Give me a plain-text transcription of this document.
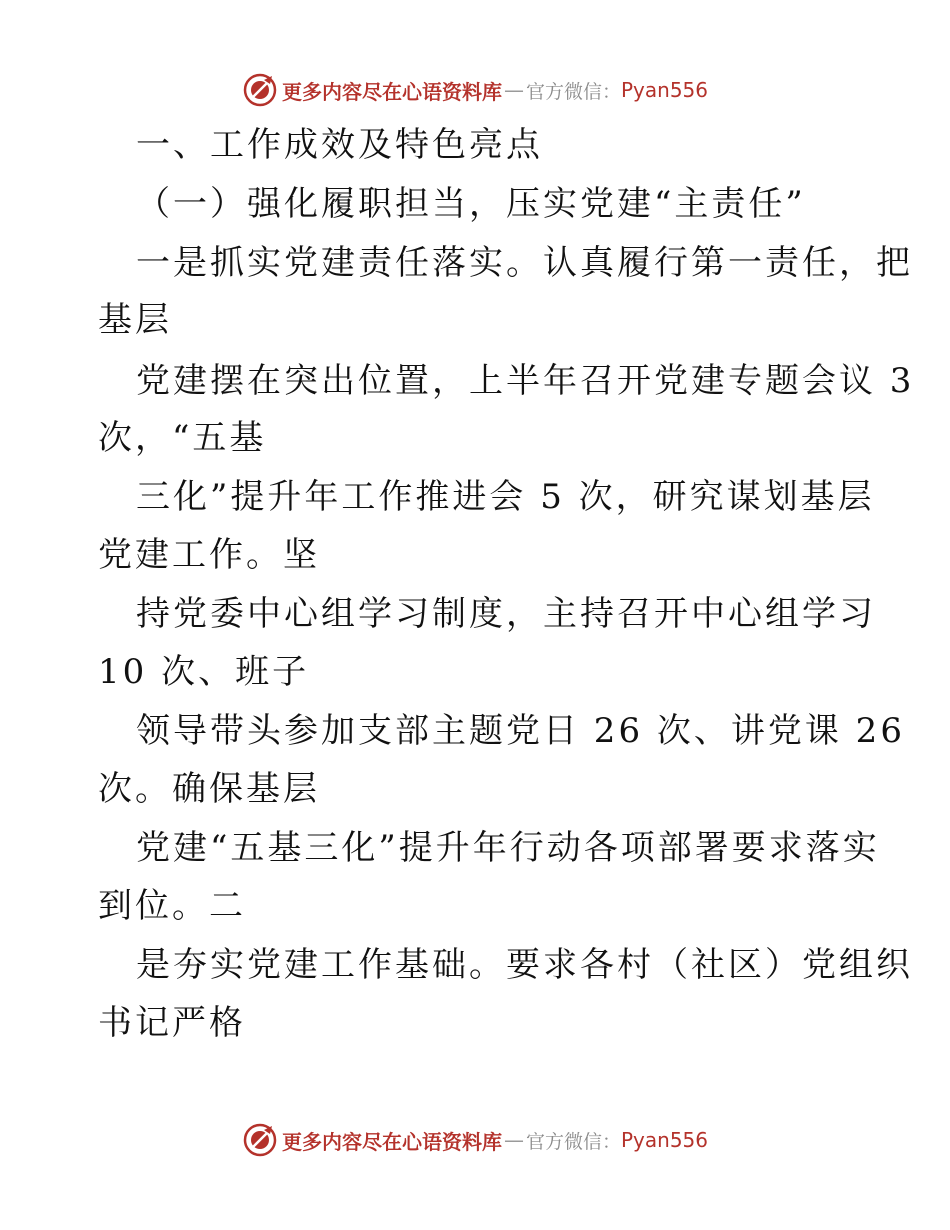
更多内容尽在心语资料库 — 官方微信： Pyan556
一、工作成效及特色亮点
（一）强化履职担当，压实党建“主责任”
一是抓实党建责任落实。认真履行第一责任，把
基层
党建摆在突出位置，上半年召开党建专题会议 3
次，“五基
三化”提升年工作推进会 5 次，研究谋划基层
党建工作。坚
持党委中心组学习制度，主持召开中心组学习
10 次、班子
领导带头参加支部主题党日 26 次、讲党课 26
次。确保基层
党建“五基三化”提升年行动各项部署要求落实
到位。二
是夯实党建工作基础。要求各村（社区）党组织
书记严格
更多内容尽在心语资料库 — 官方微信： Pyan556
